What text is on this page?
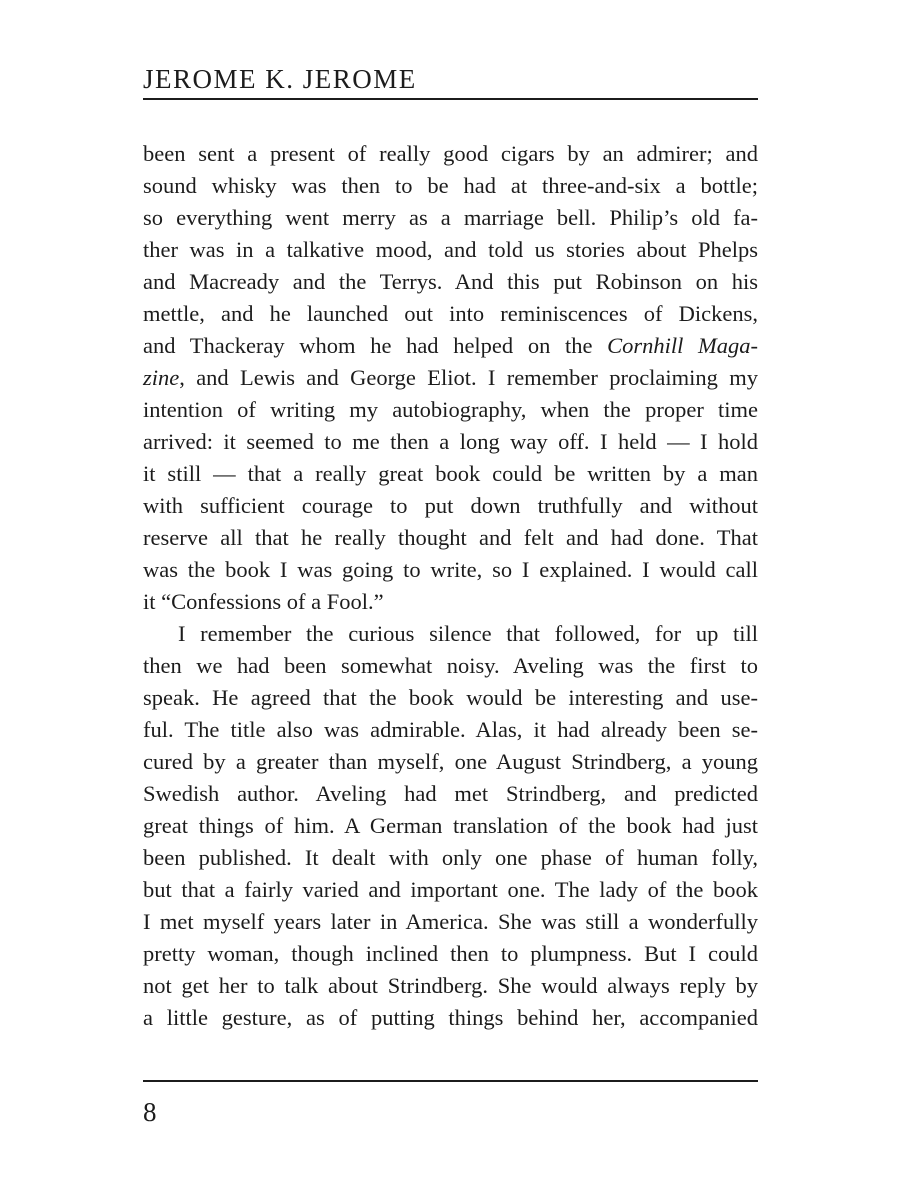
JEROME K. JEROME
been sent a present of really good cigars by an admirer; and
sound whisky was then to be had at three-and-six a bottle;
so everything went merry as a marriage bell. Philip’s old fa-
ther was in a talkative mood, and told us stories about Phelps
and Macready and the Terrys. And this put Robinson on his
mettle, and he launched out into reminiscences of Dickens,
and Thackeray whom he had helped on the Cornhill Maga-
zine, and Lewis and George Eliot. I remember proclaiming my
intention of writing my autobiography, when the proper time
arrived: it seemed to me then a long way off. I held — I hold
it still — that a really great book could be written by a man
with sufficient courage to put down truthfully and without
reserve all that he really thought and felt and had done. That
was the book I was going to write, so I explained. I would call
it “Confessions of a Fool.”
I remember the curious silence that followed, for up till
then we had been somewhat noisy. Aveling was the first to
speak. He agreed that the book would be interesting and use-
ful. The title also was admirable. Alas, it had already been se-
cured by a greater than myself, one August Strindberg, a young
Swedish author. Aveling had met Strindberg, and predicted
great things of him. A German translation of the book had just
been published. It dealt with only one phase of human folly,
but that a fairly varied and important one. The lady of the book
I met myself years later in America. She was still a wonderfully
pretty woman, though inclined then to plumpness. But I could
not get her to talk about Strindberg. She would always reply by
a little gesture, as of putting things behind her, accompanied
8
